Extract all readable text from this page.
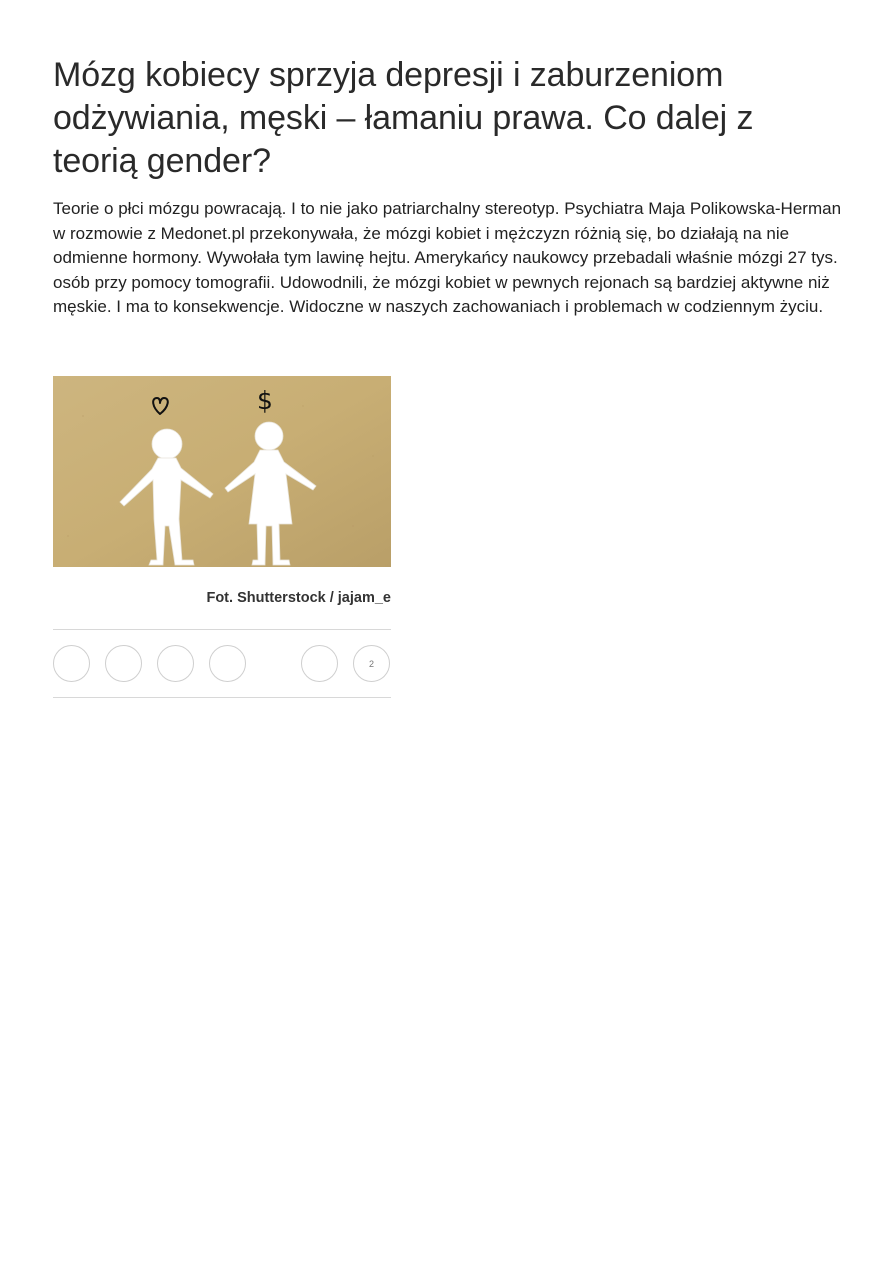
Mózg kobiecy sprzyja depresji i zaburzeniom odżywiania, męski – łamaniu prawa. Co dalej z teorią gender?

Teorie o płci mózgu powracają. I to nie jako patriarchalny stereotyp. Psychiatra Maja Polikowska-Herman w rozmowie z Medonet.pl przekonywała, że mózgi kobiet i mężczyzn różnią się, bo działają na nie odmienne hormony. Wywołała tym lawinę hejtu. Amerykańcy naukowcy przebadali właśnie mózgi 27 tys. osób przy pomocy tomografii. Udowodnili, że mózgi kobiet w pewnych rejonach są bardziej aktywne niż męskie. I ma to konsekwencje. Widoczne w naszych zachowaniach i problemach w codziennym życiu.

$
Fot. Shutterstock / jajam_e
2
